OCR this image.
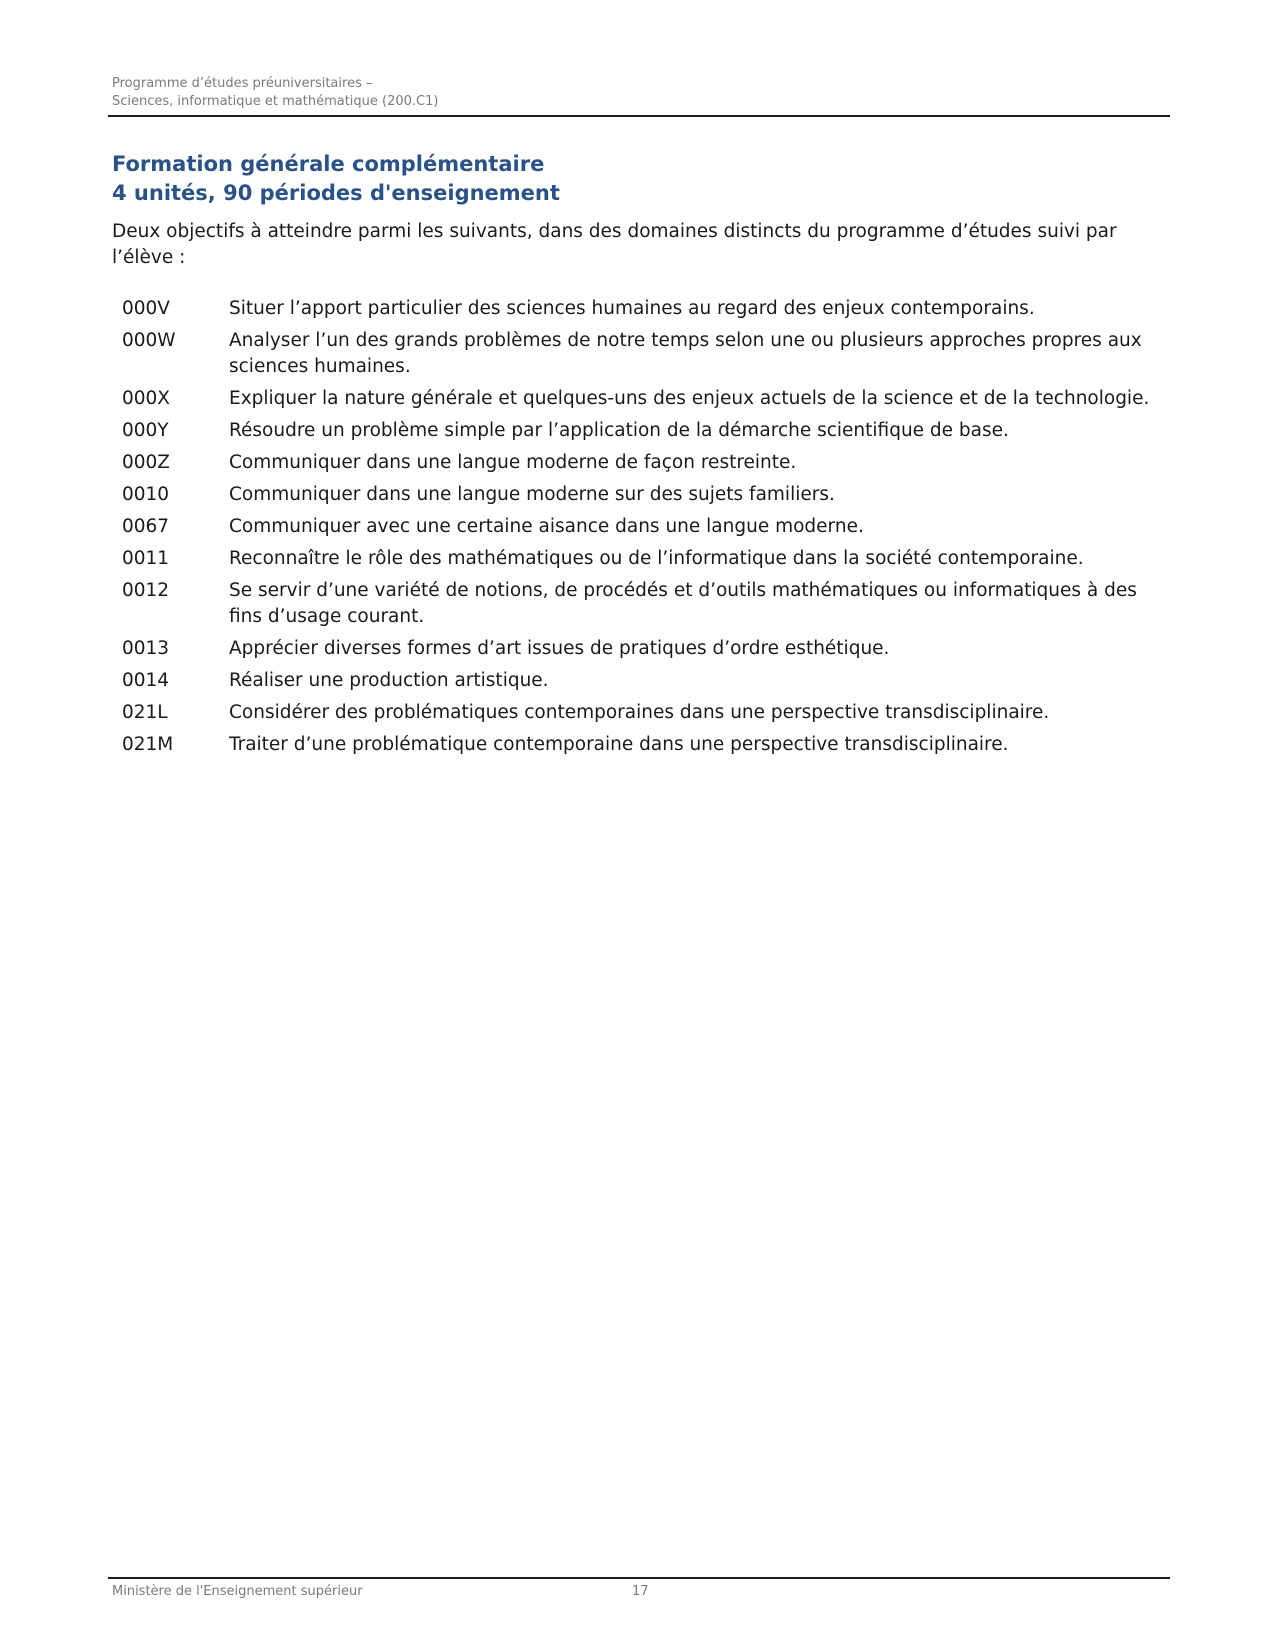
Programme d’études préuniversitaires –
Sciences, informatique et mathématique (200.C1)
Formation générale complémentaire
4 unités, 90 périodes d'enseignement
Deux objectifs à atteindre parmi les suivants, dans des domaines distincts du programme d’études suivi par l’élève :
000V	Situer l’apport particulier des sciences humaines au regard des enjeux contemporains.
000W	Analyser l’un des grands problèmes de notre temps selon une ou plusieurs approches propres aux sciences humaines.
000X	Expliquer la nature générale et quelques-uns des enjeux actuels de la science et de la technologie.
000Y	Résoudre un problème simple par l’application de la démarche scientifique de base.
000Z	Communiquer dans une langue moderne de façon restreinte.
0010	Communiquer dans une langue moderne sur des sujets familiers.
0067	Communiquer avec une certaine aisance dans une langue moderne.
0011	Reconnaître le rôle des mathématiques ou de l’informatique dans la société contemporaine.
0012	Se servir d’une variété de notions, de procédés et d’outils mathématiques ou informatiques à des fins d’usage courant.
0013	Apprécier diverses formes d’art issues de pratiques d’ordre esthétique.
0014	Réaliser une production artistique.
021L	Considérer des problématiques contemporaines dans une perspective transdisciplinaire.
021M	Traiter d’une problématique contemporaine dans une perspective transdisciplinaire.
Ministère de l'Enseignement supérieur	17
